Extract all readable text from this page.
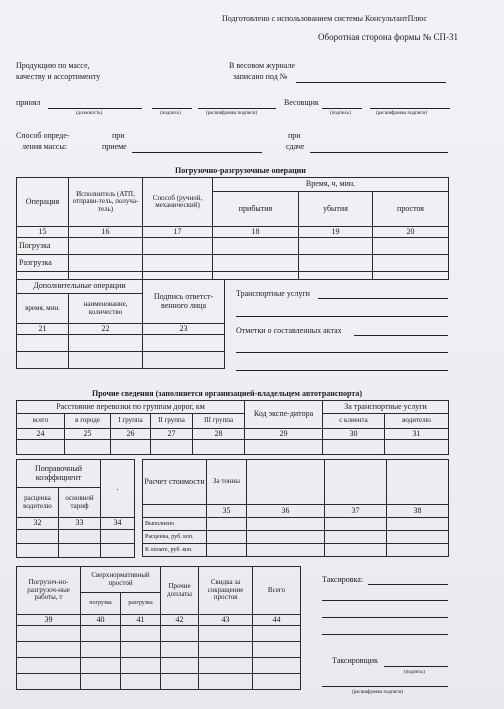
Подготовлено с использованием системы КонсультантПлюс
Оборотная сторона формы № СП-31
Продукцию по массе,
качеству и ассортименту
В весовом журнале
записано под №
принял
(должность)	(подпись)	(расшифровка подписи)
Весовщик
(подпись)	(расшифровка подписи)
Способ опреде-
ления массы:
при
приеме
при
сдаче
Погрузочно-разгрузочные операции
Операция	Исполнитель (АТП, отправи-тель, получа-тель)	Способ (ручной, механический)	Время, ч, мин.		
			прибытия	убытия	простоя
15	16	17	18	19	20
Погрузка					
Разгрузка					

Дополнительные операции		Подпись ответст-венного лица
время, мин.	наименование, количество	
21	22	23

Транспортные услуги
Отметки о составленных актах
Прочие сведения (заполняется организацией-владельцем автотранспорта)
Расстояние перевозки по группам дорог, км					Код экспе-дитора	За транспортные услуги	
всего	в городе	I группа	II группа	III группа		с клиента	водителю
24	25	26	27	28	29	30	31

Поправочный коэффициент		.
расценка водителю	основной тариф	
32	33	34

Расчет стоимости	За тонны			
	35	36	37	38
Выполнено				
Расценка, руб. коп.				
К оплате, руб. коп.				
Погрузоч-но-разгрузоч-ные работы, т	Сверхнормативный простой		Прочие доплаты	Скидка за сокращение простоя	Всего
	погрузка	разгрузка			
39	40	41	42	43	44

Таксировка:
Таксировщик
(подпись)
(расшифровка подписи)
